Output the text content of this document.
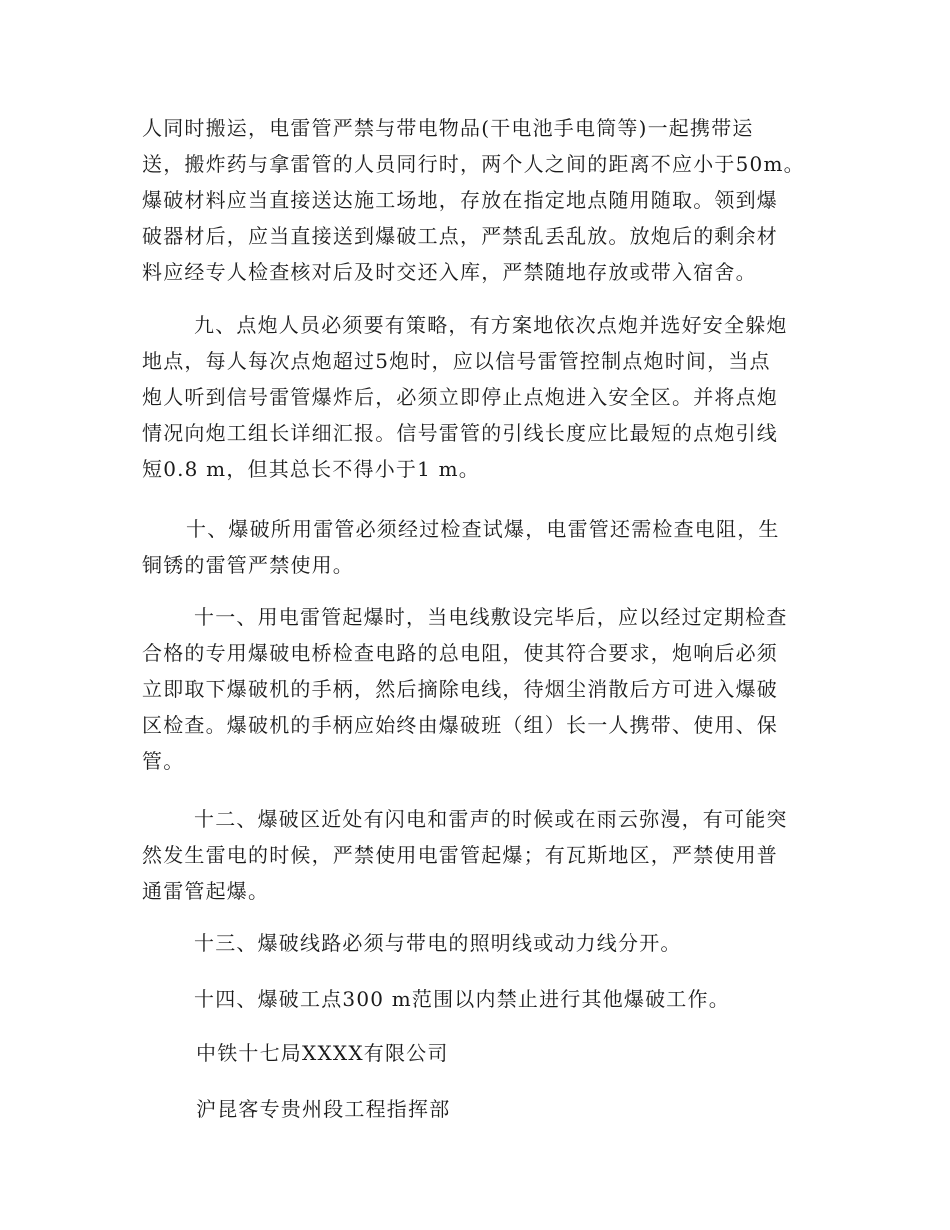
人同时搬运，电雷管严禁与带电物品(干电池手电筒等)一起携带运
送，搬炸药与拿雷管的人员同行时，两个人之间的距离不应小于50m。
爆破材料应当直接送达施工场地，存放在指定地点随用随取。领到爆
破器材后，应当直接送到爆破工点，严禁乱丢乱放。放炮后的剩余材
料应经专人检查核对后及时交还入库，严禁随地存放或带入宿舍。
九、点炮人员必须要有策略，有方案地依次点炮并选好安全躲炮
地点，每人每次点炮超过5炮时，应以信号雷管控制点炮时间，当点
炮人听到信号雷管爆炸后，必须立即停止点炮进入安全区。并将点炮
情况向炮工组长详细汇报。信号雷管的引线长度应比最短的点炮引线
短0.8 m，但其总长不得小于1 m。
十、爆破所用雷管必须经过检查试爆，电雷管还需检查电阻，生
铜锈的雷管严禁使用。
十一、用电雷管起爆时，当电线敷设完毕后，应以经过定期检查
合格的专用爆破电桥检查电路的总电阻，使其符合要求，炮响后必须
立即取下爆破机的手柄，然后摘除电线，待烟尘消散后方可进入爆破
区检查。爆破机的手柄应始终由爆破班（组）长一人携带、使用、保
管。
十二、爆破区近处有闪电和雷声的时候或在雨云弥漫，有可能突
然发生雷电的时候，严禁使用电雷管起爆；有瓦斯地区，严禁使用普
通雷管起爆。
十三、爆破线路必须与带电的照明线或动力线分开。
十四、爆破工点300 m范围以内禁止进行其他爆破工作。

中铁十七局XXXX有限公司

沪昆客专贵州段工程指挥部
